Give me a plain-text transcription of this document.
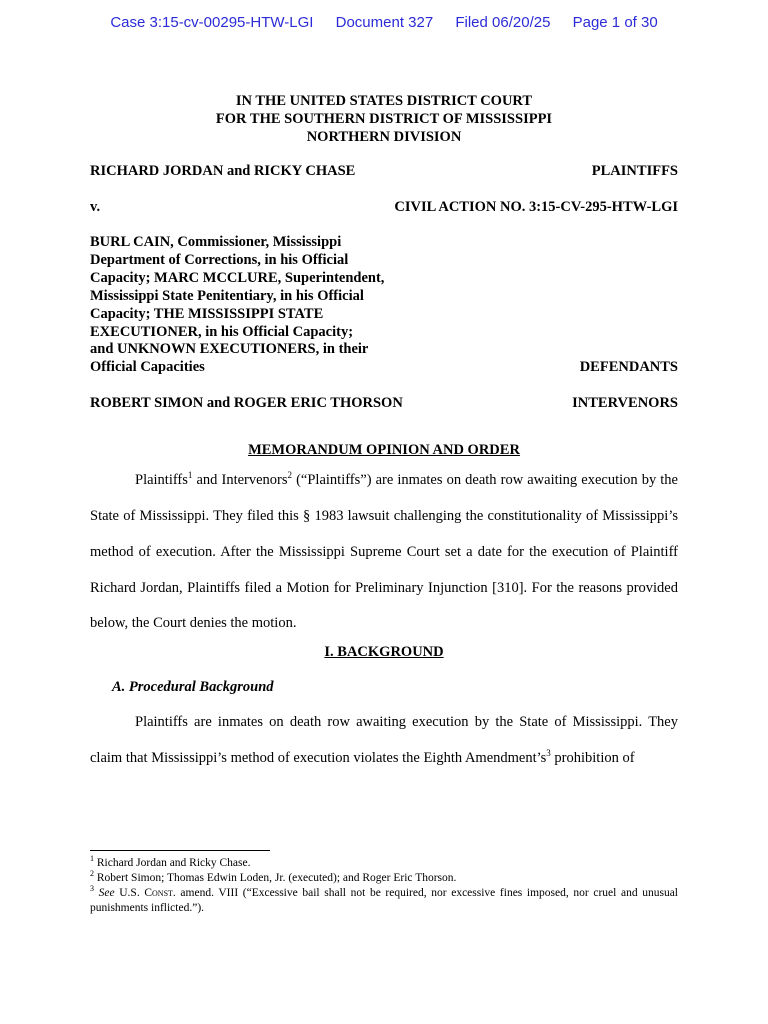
Case 3:15-cv-00295-HTW-LGI Document 327 Filed 06/20/25 Page 1 of 30
IN THE UNITED STATES DISTRICT COURT
FOR THE SOUTHERN DISTRICT OF MISSISSIPPI
NORTHERN DIVISION
RICHARD JORDAN and RICKY CHASE	PLAINTIFFS
v.	CIVIL ACTION NO. 3:15-CV-295-HTW-LGI
BURL CAIN, Commissioner, Mississippi
Department of Corrections, in his Official
Capacity; MARC MCCLURE, Superintendent,
Mississippi State Penitentiary, in his Official
Capacity; THE MISSISSIPPI STATE
EXECUTIONER, in his Official Capacity;
and UNKNOWN EXECUTIONERS, in their
Official Capacities	DEFENDANTS
ROBERT SIMON and ROGER ERIC THORSON	INTERVENORS
MEMORANDUM OPINION AND ORDER

Plaintiffs$^1$ and Intervenors$^2$ (“Plaintiffs”) are inmates on death row awaiting execution by the State of Mississippi. They filed this § 1983 lawsuit challenging the constitutionality of Mississippi’s method of execution. After the Mississippi Supreme Court set a date for the execution of Plaintiff Richard Jordan, Plaintiffs filed a Motion for Preliminary Injunction [310]. For the reasons provided below, the Court denies the motion.

I. BACKGROUND
A. Procedural Background

Plaintiffs are inmates on death row awaiting execution by the State of Mississippi. They claim that Mississippi’s method of execution violates the Eighth $Amendment’s^3$ prohibition of

$^1$ Richard Jordan and Ricky Chase.
$^2$ Robert Simon; Thomas Edwin Loden, Jr. (executed); and Roger Eric Thorson.
$^3$ See U.S. Const. amend. VIII (“Excessive bail shall not be required, nor excessive fines imposed, nor cruel and unusual punishments inflicted.”).
